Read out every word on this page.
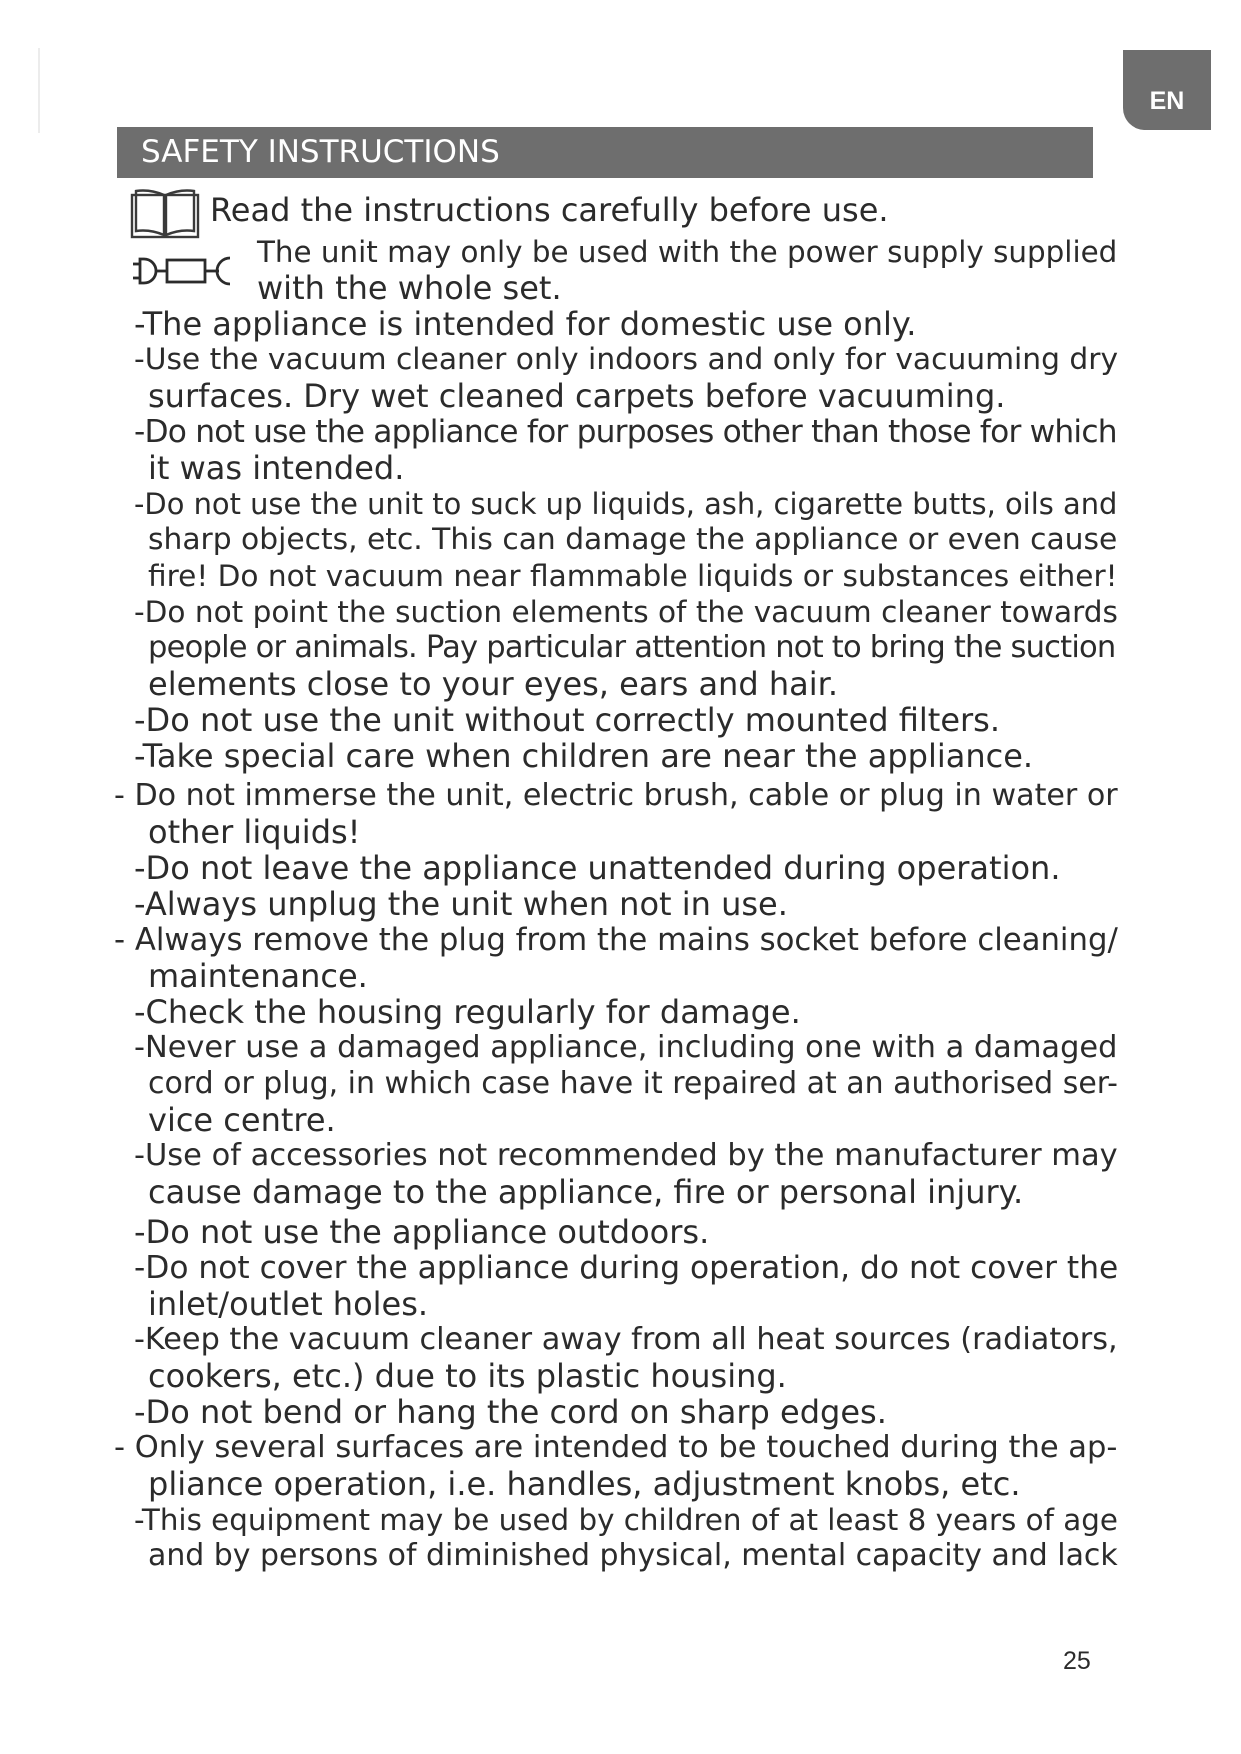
EN
SAFETY INSTRUCTIONS
Read the instructions carefully before use.
The unit may only be used with the power supply supplied
with the whole set.
-The appliance is intended for domestic use only.
-Use the vacuum cleaner only indoors and only for vacuuming dry
surfaces. Dry wet cleaned carpets before vacuuming.
-Do not use the appliance for purposes other than those for which
it was intended.
-Do not use the unit to suck up liquids, ash, cigarette butts, oils and
sharp objects, etc. This can damage the appliance or even cause
fire! Do not vacuum near flammable liquids or substances either!
-Do not point the suction elements of the vacuum cleaner towards
people or animals. Pay particular attention not to bring the suction
elements close to your eyes, ears and hair.
-Do not use the unit without correctly mounted filters.
-Take special care when children are near the appliance.
- Do not immerse the unit, electric brush, cable or plug in water or
other liquids!
-Do not leave the appliance unattended during operation.
-Always unplug the unit when not in use.
- Always remove the plug from the mains socket before cleaning/
maintenance.
-Check the housing regularly for damage.
-Never use a damaged appliance, including one with a damaged
cord or plug, in which case have it repaired at an authorised ser-
vice centre.
-Use of accessories not recommended by the manufacturer may
cause damage to the appliance, fire or personal injury.
-Do not use the appliance outdoors.
-Do not cover the appliance during operation, do not cover the
inlet/outlet holes.
-Keep the vacuum cleaner away from all heat sources (radiators,
cookers, etc.) due to its plastic housing.
-Do not bend or hang the cord on sharp edges.
- Only several surfaces are intended to be touched during the ap-
pliance operation, i.e. handles, adjustment knobs, etc.
-This equipment may be used by children of at least 8 years of age
and by persons of diminished physical, mental capacity and lack
25
